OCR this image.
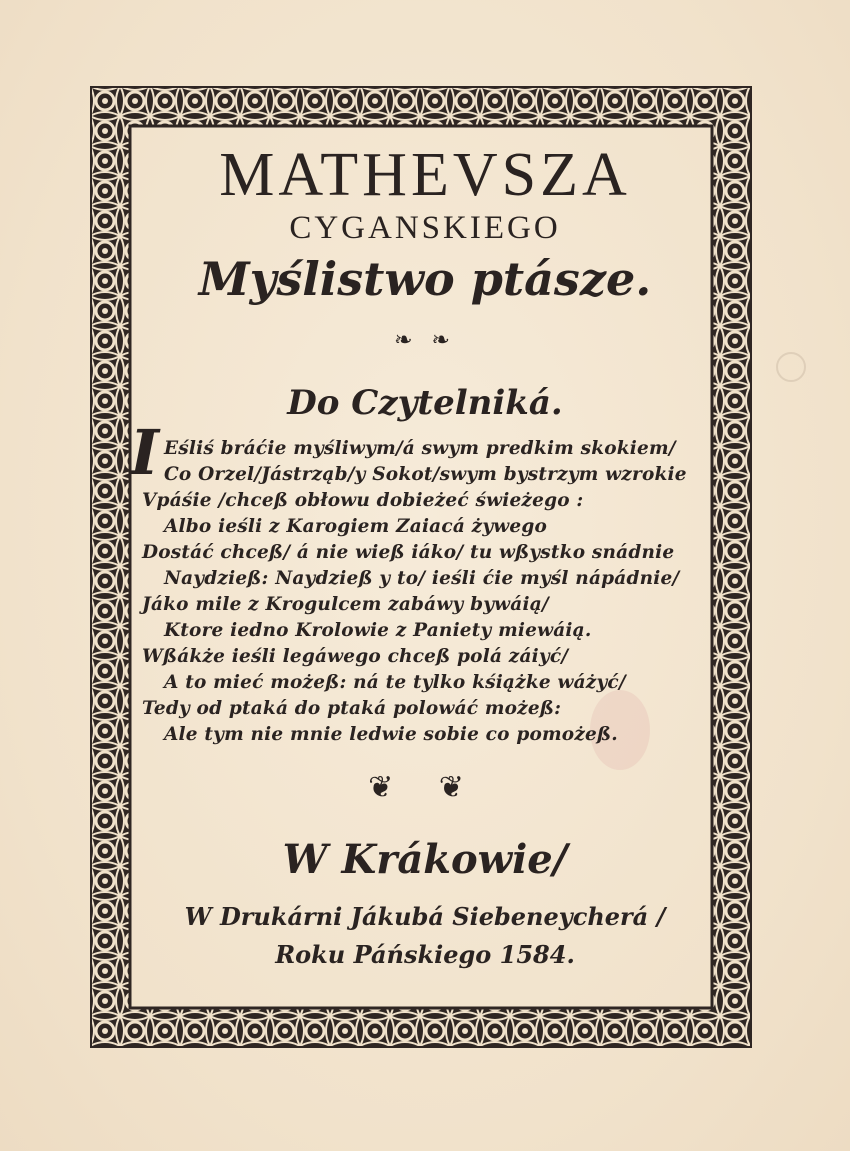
MATHEVSZA
CYGANSKIEGO
Myślistwo ptásze.
❧ ❧
Do Czytelniká.
I Eśliś bráćie myśliwym/á swym predkim skokiem/
Co Orzel/Jástrząb/y Sokot/swym bystrzym wzrokie
Vpáśie /chceß obłowu dobieżeć świeżego :
Albo ieśli z Karogiem Zaiacá żywego
Dostáć chceß/ á nie wieß iáko/ tu wßystko snádnie
Naydzieß: Naydzieß y to/ ieśli ćie myśl nápádnie/
Jáko mile z Krogulcem zabáwy bywáią/
Ktore iedno Krolowie z Paniety miewáią.
Wßákże ieśli legáwego chceß polá záiyć/
A to mieć możeß: ná te tylko kśiążke wáżyć/
Tedy od ptaká do ptaká polowáć możeß:
Ale tym nie mnie ledwie sobie co pomożeß.
❦ ❦
W Krákowie/
W Drukárni Jákubá Siebeneycherá /
Roku Páńskiego 1584.
